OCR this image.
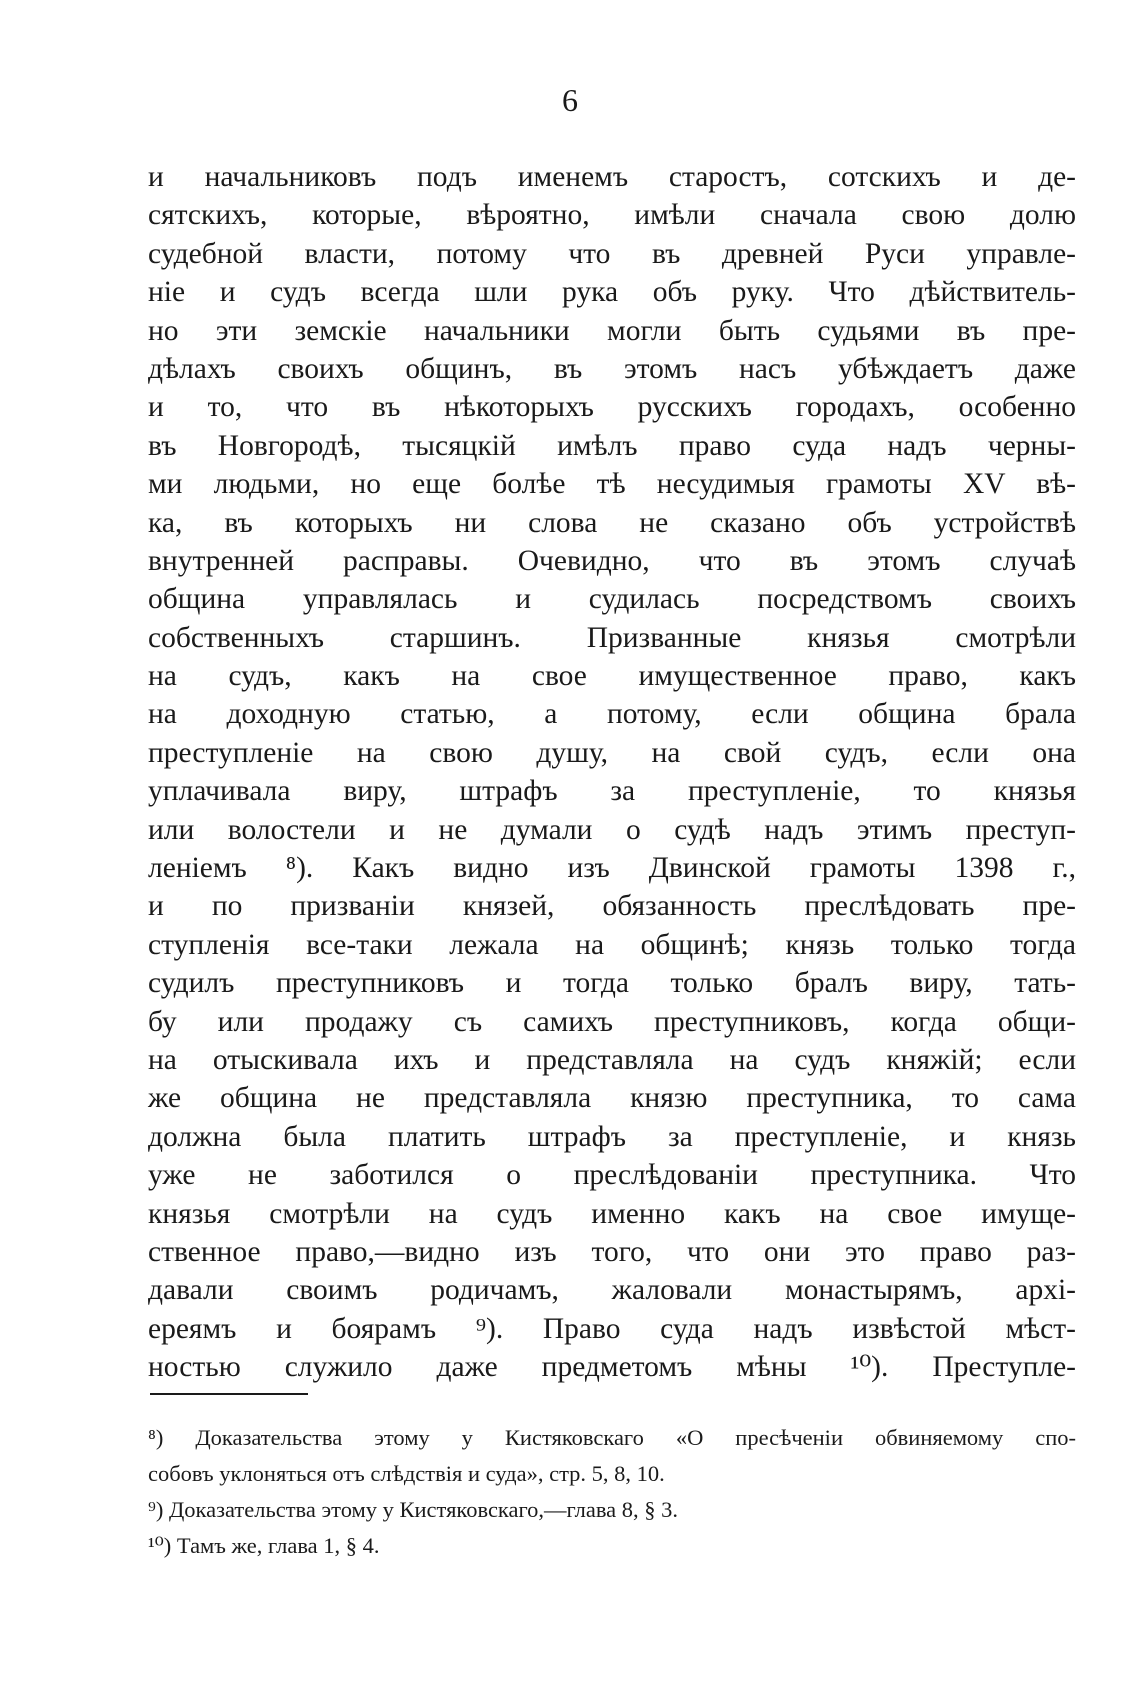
6
и начальниковъ подъ именемъ старостъ, сотскихъ и де-
сятскихъ, которые, вѣроятно, имѣли сначала свою долю
судебной власти, потому что въ древней Руси управле-
ніе и судъ всегда шли рука объ руку. Что дѣйствитель-
но эти земскіе начальники могли быть судьями въ пре-
дѣлахъ своихъ общинъ, въ этомъ насъ убѣждаетъ даже
и то, что въ нѣкоторыхъ русскихъ городахъ, особенно
въ Новгородѣ, тысяцкій имѣлъ право суда надъ черны-
ми людьми, но еще болѣе тѣ несудимыя грамоты XV вѣ-
ка, въ которыхъ ни слова не сказано объ устройствѣ
внутренней расправы. Очевидно, что въ этомъ случаѣ
община управлялась и судилась посредствомъ своихъ
собственныхъ старшинъ. Призванные князья смотрѣли
на судъ, какъ на свое имущественное право, какъ
на доходную статью, а потому, если община брала
преступленіе на свою душу, на свой судъ, если она
уплачивала виру, штрафъ за преступленіе, то князья
или волостели и не думали о судѣ надъ этимъ преступ-
леніемъ ⁸). Какъ видно изъ Двинской грамоты 1398 г.,
и по призваніи князей, обязанность преслѣдовать пре-
ступленія все-таки лежала на общинѣ; князь только тогда
судилъ преступниковъ и тогда только бралъ виру, тать-
бу или продажу съ самихъ преступниковъ, когда общи-
на отыскивала ихъ и представляла на судъ княжій; если
же община не представляла князю преступника, то сама
должна была платить штрафъ за преступленіе, и князь
уже не заботился о преслѣдованіи преступника. Что
князья смотрѣли на судъ именно какъ на свое имуще-
ственное право,—видно изъ того, что они это право раз-
давали своимъ родичамъ, жаловали монастырямъ, архі-
ереямъ и боярамъ ⁹). Право суда надъ извѣстой мѣст-
ностью служило даже предметомъ мѣны ¹⁰). Преступле-
⁸) Доказательства этому у Кистяковскаго «О пресѣченіи обвиняемому спо-
собовъ уклоняться отъ слѣдствія и суда», стр. 5, 8, 10.
⁹) Доказательства этому у Кистяковскаго,—глава 8, § 3.
¹⁰) Тамъ же, глава 1, § 4.
